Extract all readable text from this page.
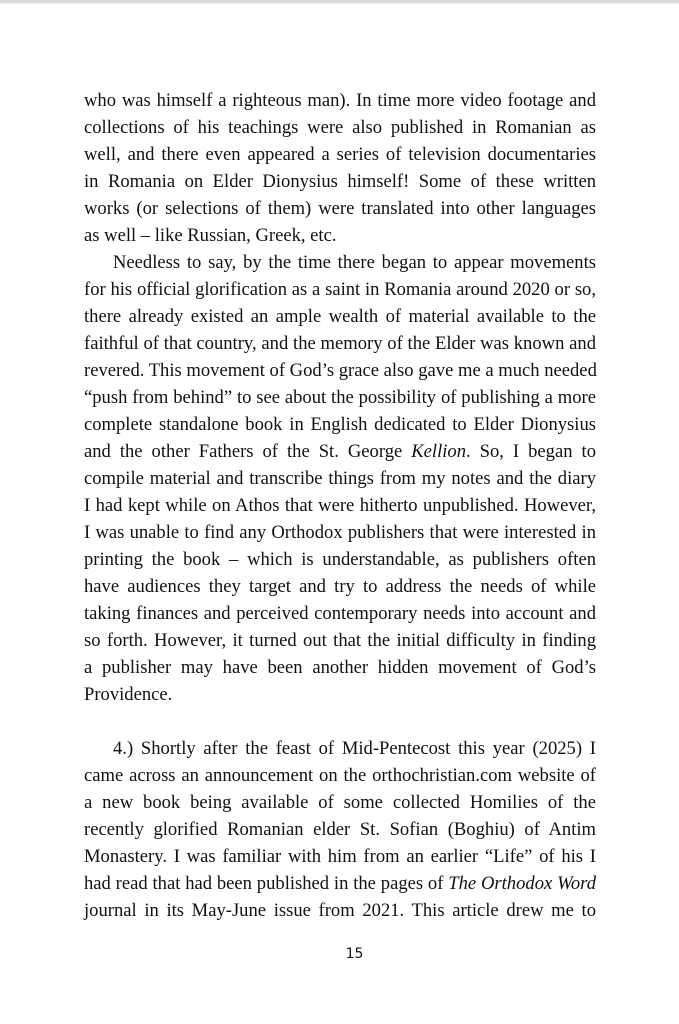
who was himself a righteous man). In time more video footage and
collections of his teachings were also published in Romanian as
well, and there even appeared a series of television documentaries
in Romania on Elder Dionysius himself! Some of these written
works (or selections of them) were translated into other languages
as well – like Russian, Greek, etc.
Needless to say, by the time there began to appear movements
for his official glorification as a saint in Romania around 2020 or so,
there already existed an ample wealth of material available to the
faithful of that country, and the memory of the Elder was known and
revered. This movement of God’s grace also gave me a much needed
“push from behind” to see about the possibility of publishing a more
complete standalone book in English dedicated to Elder Dionysius
and the other Fathers of the St. George Kellion. So, I began to
compile material and transcribe things from my notes and the diary
I had kept while on Athos that were hitherto unpublished. However,
I was unable to find any Orthodox publishers that were interested in
printing the book – which is understandable, as publishers often
have audiences they target and try to address the needs of while
taking finances and perceived contemporary needs into account and
so forth. However, it turned out that the initial difficulty in finding
a publisher may have been another hidden movement of God’s
Providence.
4.) Shortly after the feast of Mid-Pentecost this year (2025) I
came across an announcement on the orthochristian.com website of
a new book being available of some collected Homilies of the
recently glorified Romanian elder St. Sofian (Boghiu) of Antim
Monastery. I was familiar with him from an earlier “Life” of his I
had read that had been published in the pages of The Orthodox Word
journal in its May-June issue from 2021. This article drew me to
15
